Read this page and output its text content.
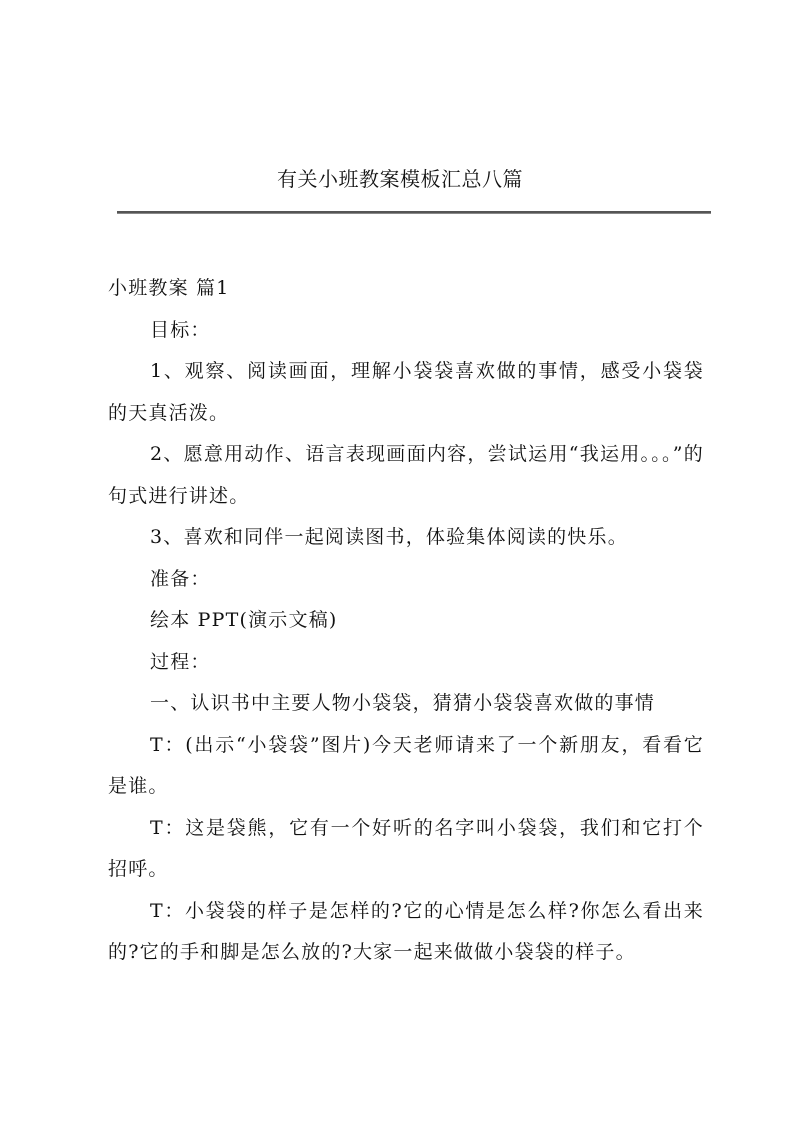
有关小班教案模板汇总八篇

小班教案 篇1

目标：

1、观察、阅读画面，理解小袋袋喜欢做的事情，感受小袋袋的天真活泼。

2、愿意用动作、语言表现画面内容，尝试运用“我运用。。。”的句式进行讲述。

3、喜欢和同伴一起阅读图书，体验集体阅读的快乐。

准备：

绘本 PPT(演示文稿)

过程：

一、认识书中主要人物小袋袋，猜猜小袋袋喜欢做的事情

T：(出示“小袋袋”图片)今天老师请来了一个新朋友，看看它是谁。

T：这是袋熊，它有一个好听的名字叫小袋袋，我们和它打个招呼。

T：小袋袋的样子是怎样的?它的心情是怎么样?你怎么看出来的?它的手和脚是怎么放的?大家一起来做做小袋袋的样子。
